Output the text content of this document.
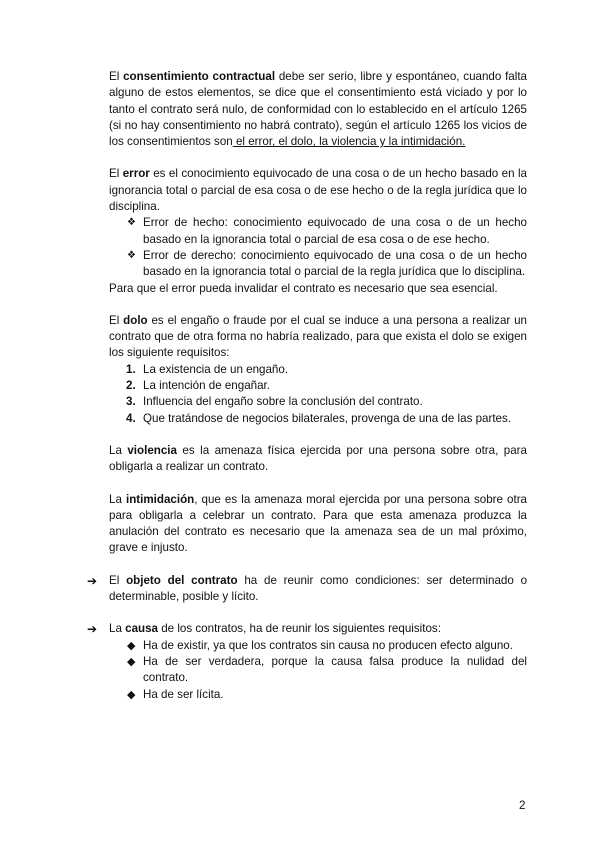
El consentimiento contractual debe ser serio, libre y espontáneo, cuando falta alguno de estos elementos, se dice que el consentimiento está viciado y por lo tanto el contrato será nulo, de conformidad con lo establecido en el artículo 1265 (si no hay consentimiento no habrá contrato), según el artículo 1265 los vicios de los consentimientos son el error, el dolo, la violencia y la intimidación.

El error es el conocimiento equivocado de una cosa o de un hecho basado en la ignorancia total o parcial de esa cosa o de ese hecho o de la regla jurídica que lo disciplina.

❖ Error de hecho: conocimiento equivocado de una cosa o de un hecho basado en la ignorancia total o parcial de esa cosa o de ese hecho.
❖ Error de derecho: conocimiento equivocado de una cosa o de un hecho basado en la ignorancia total o parcial de la regla jurídica que lo disciplina.

Para que el error pueda invalidar el contrato es necesario que sea esencial.

El dolo es el engaño o fraude por el cual se induce a una persona a realizar un contrato que de otra forma no habría realizado, para que exista el dolo se exigen los siguiente requisitos:

1. La existencia de un engaño.
2. La intención de engañar.
3. Influencia del engaño sobre la conclusión del contrato.
4. Que tratándose de negocios bilaterales, provenga de una de las partes.

La violencia es la amenaza física ejercida por una persona sobre otra, para obligarla a realizar un contrato.

La intimidación, que es la amenaza moral ejercida por una persona sobre otra para obligarla a celebrar un contrato. Para que esta amenaza produzca la anulación del contrato es necesario que la amenaza sea de un mal próximo, grave e injusto.

➔ El objeto del contrato ha de reunir como condiciones: ser determinado o determinable, posible y lícito.

➔ La causa de los contratos, ha de reunir los siguientes requisitos:

◆ Ha de existir, ya que los contratos sin causa no producen efecto alguno.
◆ Ha de ser verdadera, porque la causa falsa produce la nulidad del contrato.
◆ Ha de ser lícita.
2
